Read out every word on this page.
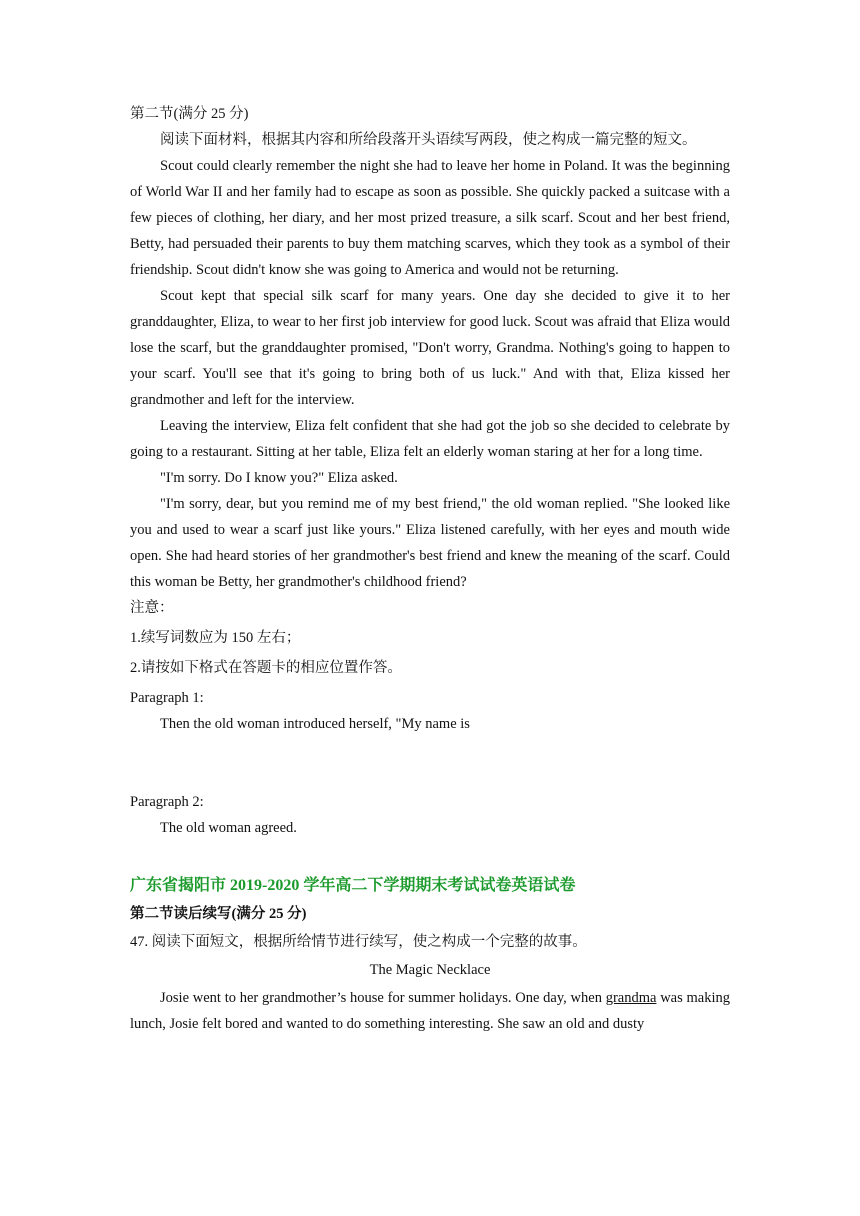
第二节(满分 25 分)

阅读下面材料，根据其内容和所给段落开头语续写两段，使之构成一篇完整的短文。

Scout could clearly remember the night she had to leave her home in Poland. It was the beginning of World War II and her family had to escape as soon as possible. She quickly packed a suitcase with a few pieces of clothing, her diary, and her most prized treasure, a silk scarf. Scout and her best friend, Betty, had persuaded their parents to buy them matching scarves, which they took as a symbol of their friendship. Scout didn't know she was going to America and would not be returning.

Scout kept that special silk scarf for many years. One day she decided to give it to her granddaughter, Eliza, to wear to her first job interview for good luck. Scout was afraid that Eliza would lose the scarf, but the granddaughter promised, "Don't worry, Grandma. Nothing's going to happen to your scarf. You'll see that it's going to bring both of us luck." And with that, Eliza kissed her grandmother and left for the interview.

Leaving the interview, Eliza felt confident that she had got the job so she decided to celebrate by going to a restaurant. Sitting at her table, Eliza felt an elderly woman staring at her for a long time.

"I'm sorry. Do I know you?" Eliza asked.

"I'm sorry, dear, but you remind me of my best friend," the old woman replied. "She looked like you and used to wear a scarf just like yours." Eliza listened carefully, with her eyes and mouth wide open. She had heard stories of her grandmother's best friend and knew the meaning of the scarf. Could this woman be Betty, her grandmother's childhood friend?

注意：

1.续写词数应为 150 左右；

2.请按如下格式在答题卡的相应位置作答。

Paragraph 1:

Then the old woman introduced herself, "My name is

Paragraph 2:

The old woman agreed.

广东省揭阳市 2019-2020 学年高二下学期期末考试试卷英语试卷

第二节读后续写(满分 25 分)

47. 阅读下面短文，根据所给情节进行续写，使之构成一个完整的故事。

The Magic Necklace

Josie went to her grandmother’s house for summer holidays. One day, when grandma was making lunch, Josie felt bored and wanted to do something interesting. She saw an old and dusty
